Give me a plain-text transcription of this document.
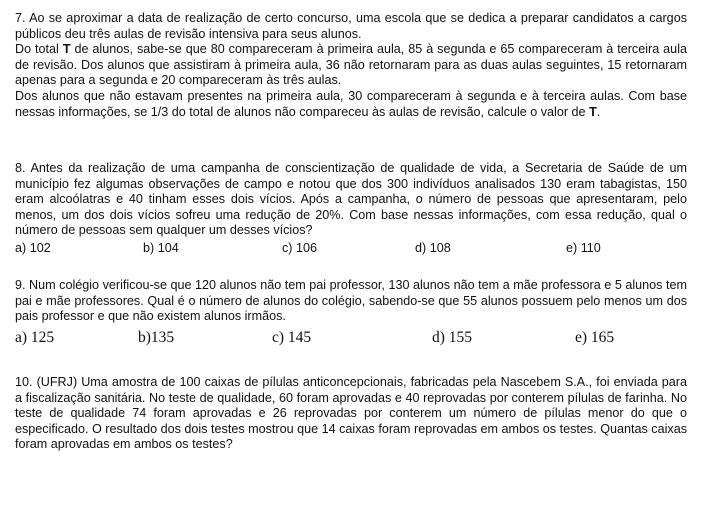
7. Ao se aproximar a data de realização de certo concurso, uma escola que se dedica a preparar candidatos a cargos públicos deu três aulas de revisão intensiva para seus alunos.

Do total T de alunos, sabe-se que 80 compareceram à primeira aula, 85 à segunda e 65 compareceram à terceira aula de revisão. Dos alunos que assistiram à primeira aula, 36 não retornaram para as duas aulas seguintes, 15 retornaram apenas para a segunda e 20 compareceram às três aulas.

Dos alunos que não estavam presentes na primeira aula, 30 compareceram à segunda e à terceira aulas. Com base nessas informações, se 1/3 do total de alunos não compareceu às aulas de revisão, calcule o valor de T.

8. Antes da realização de uma campanha de conscientização de qualidade de vida, a Secretaria de Saúde de um município fez algumas observações de campo e notou que dos 300 indivíduos analisados 130 eram tabagistas, 150 eram alcoólatras e 40 tinham esses dois vícios. Após a campanha, o número de pessoas que apresentaram, pelo menos, um dos dois vícios sofreu uma redução de 20%. Com base nessas informações, com essa redução, qual o número de pessoas sem qualquer um desses vícios?

a) 102	b) 104	c) 106	d) 108	e) 110

9. Num colégio verificou-se que 120 alunos não tem pai professor, 130 alunos não tem a mãe professora e 5 alunos tem pai e mãe professores. Qual é o número de alunos do colégio, sabendo-se que 55 alunos possuem pelo menos um dos pais professor e que não existem alunos irmãos.

a) 125	b)135	c) 145	d) 155	e) 165

10. (UFRJ) Uma amostra de 100 caixas de pílulas anticoncepcionais, fabricadas pela Nascebem S.A., foi enviada para a fiscalização sanitária. No teste de qualidade, 60 foram aprovadas e 40 reprovadas por conterem pílulas de farinha. No teste de qualidade 74 foram aprovadas e 26 reprovadas por conterem um número de pílulas menor do que o especificado. O resultado dos dois testes mostrou que 14 caixas foram reprovadas em ambos os testes. Quantas caixas foram aprovadas em ambos os testes?
